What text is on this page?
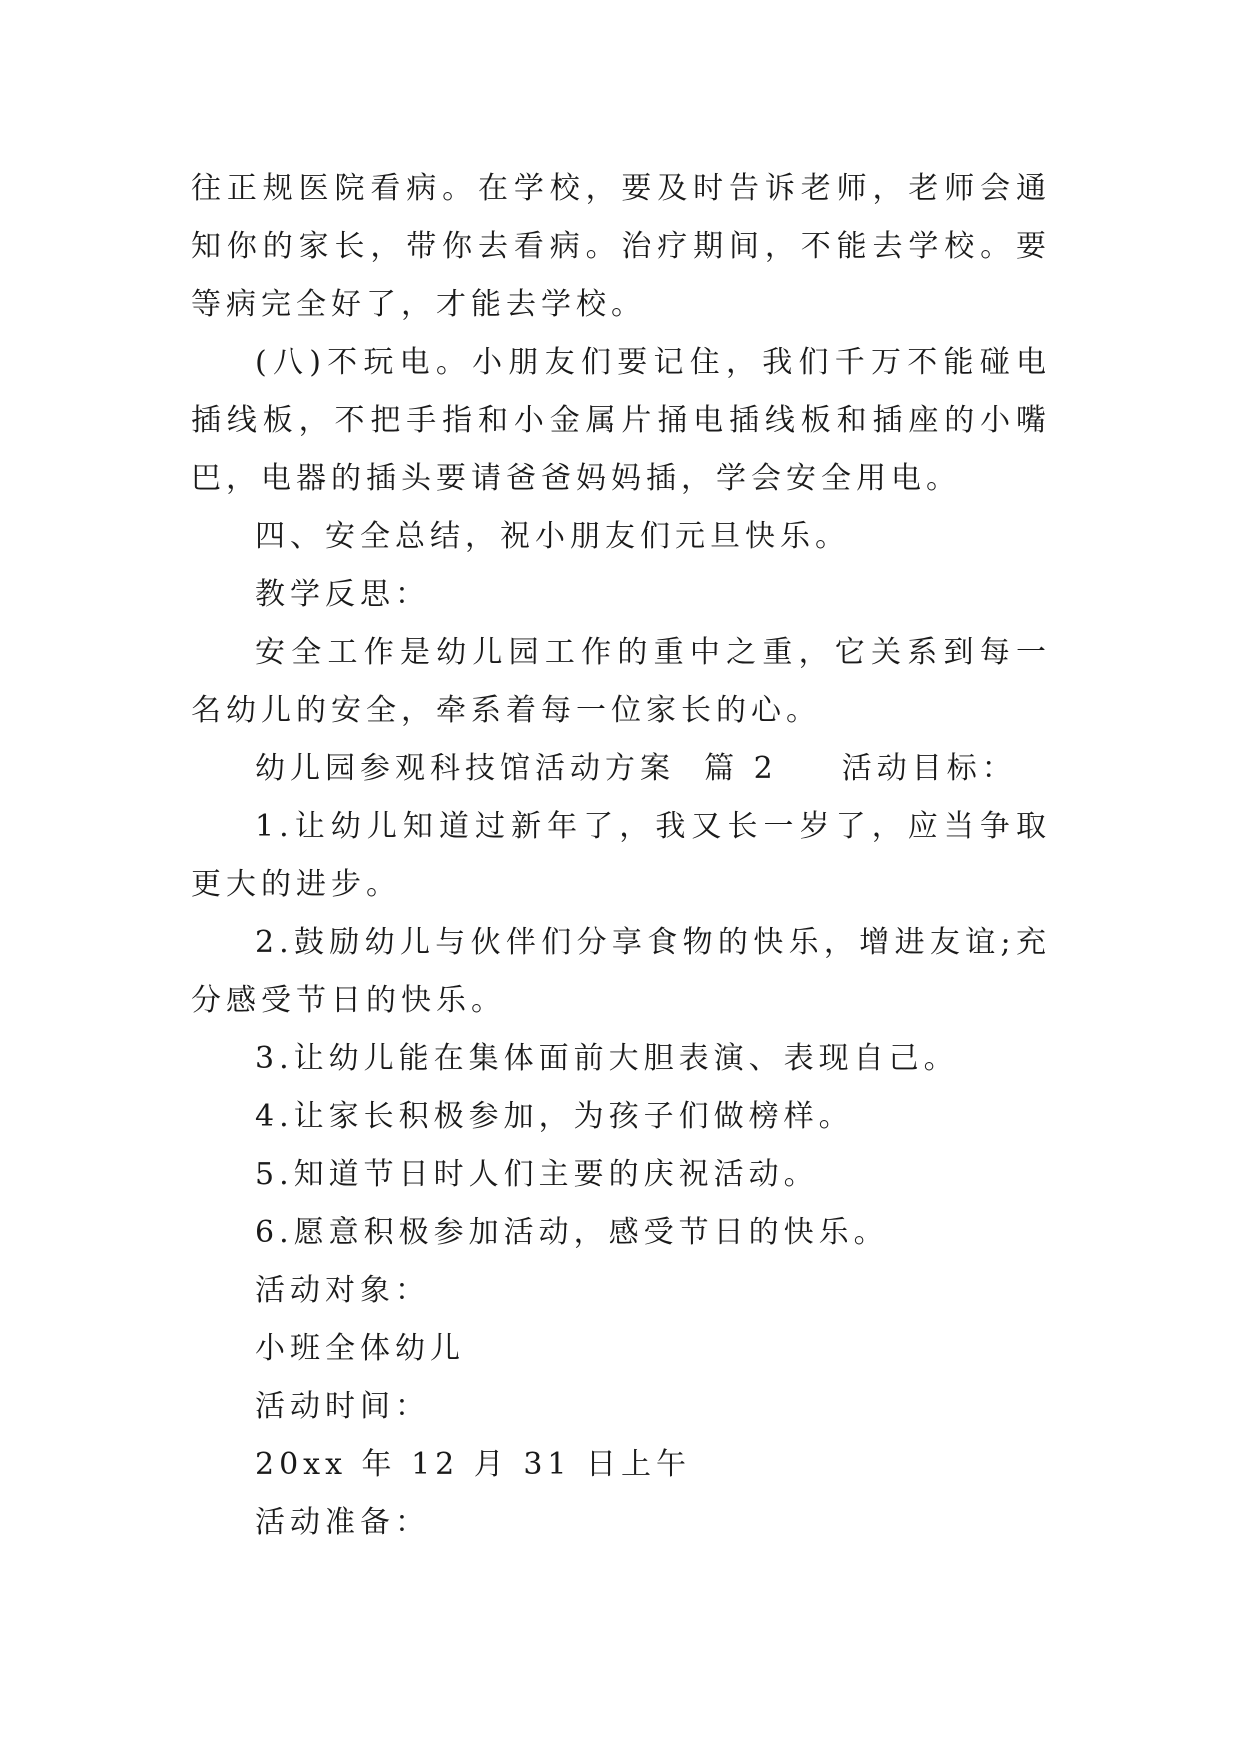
往正规医院看病。在学校，要及时告诉老师，老师会通知你的家长，带你去看病。治疗期间，不能去学校。要等病完全好了，才能去学校。

(八)不玩电。小朋友们要记住，我们千万不能碰电插线板，不把手指和小金属片捅电插线板和插座的小嘴巴，电器的插头要请爸爸妈妈插，学会安全用电。

四、安全总结，祝小朋友们元旦快乐。

教学反思：

安全工作是幼儿园工作的重中之重，它关系到每一名幼儿的安全，牵系着每一位家长的心。

幼儿园参观科技馆活动方案 篇 2 活动目标：

1.让幼儿知道过新年了，我又长一岁了，应当争取更大的进步。

2.鼓励幼儿与伙伴们分享食物的快乐，增进友谊;充分感受节日的快乐。

3.让幼儿能在集体面前大胆表演、表现自己。

4.让家长积极参加，为孩子们做榜样。

5.知道节日时人们主要的庆祝活动。

6.愿意积极参加活动，感受节日的快乐。

活动对象：

小班全体幼儿

活动时间：

20xx 年 12 月 31 日上午

活动准备：
